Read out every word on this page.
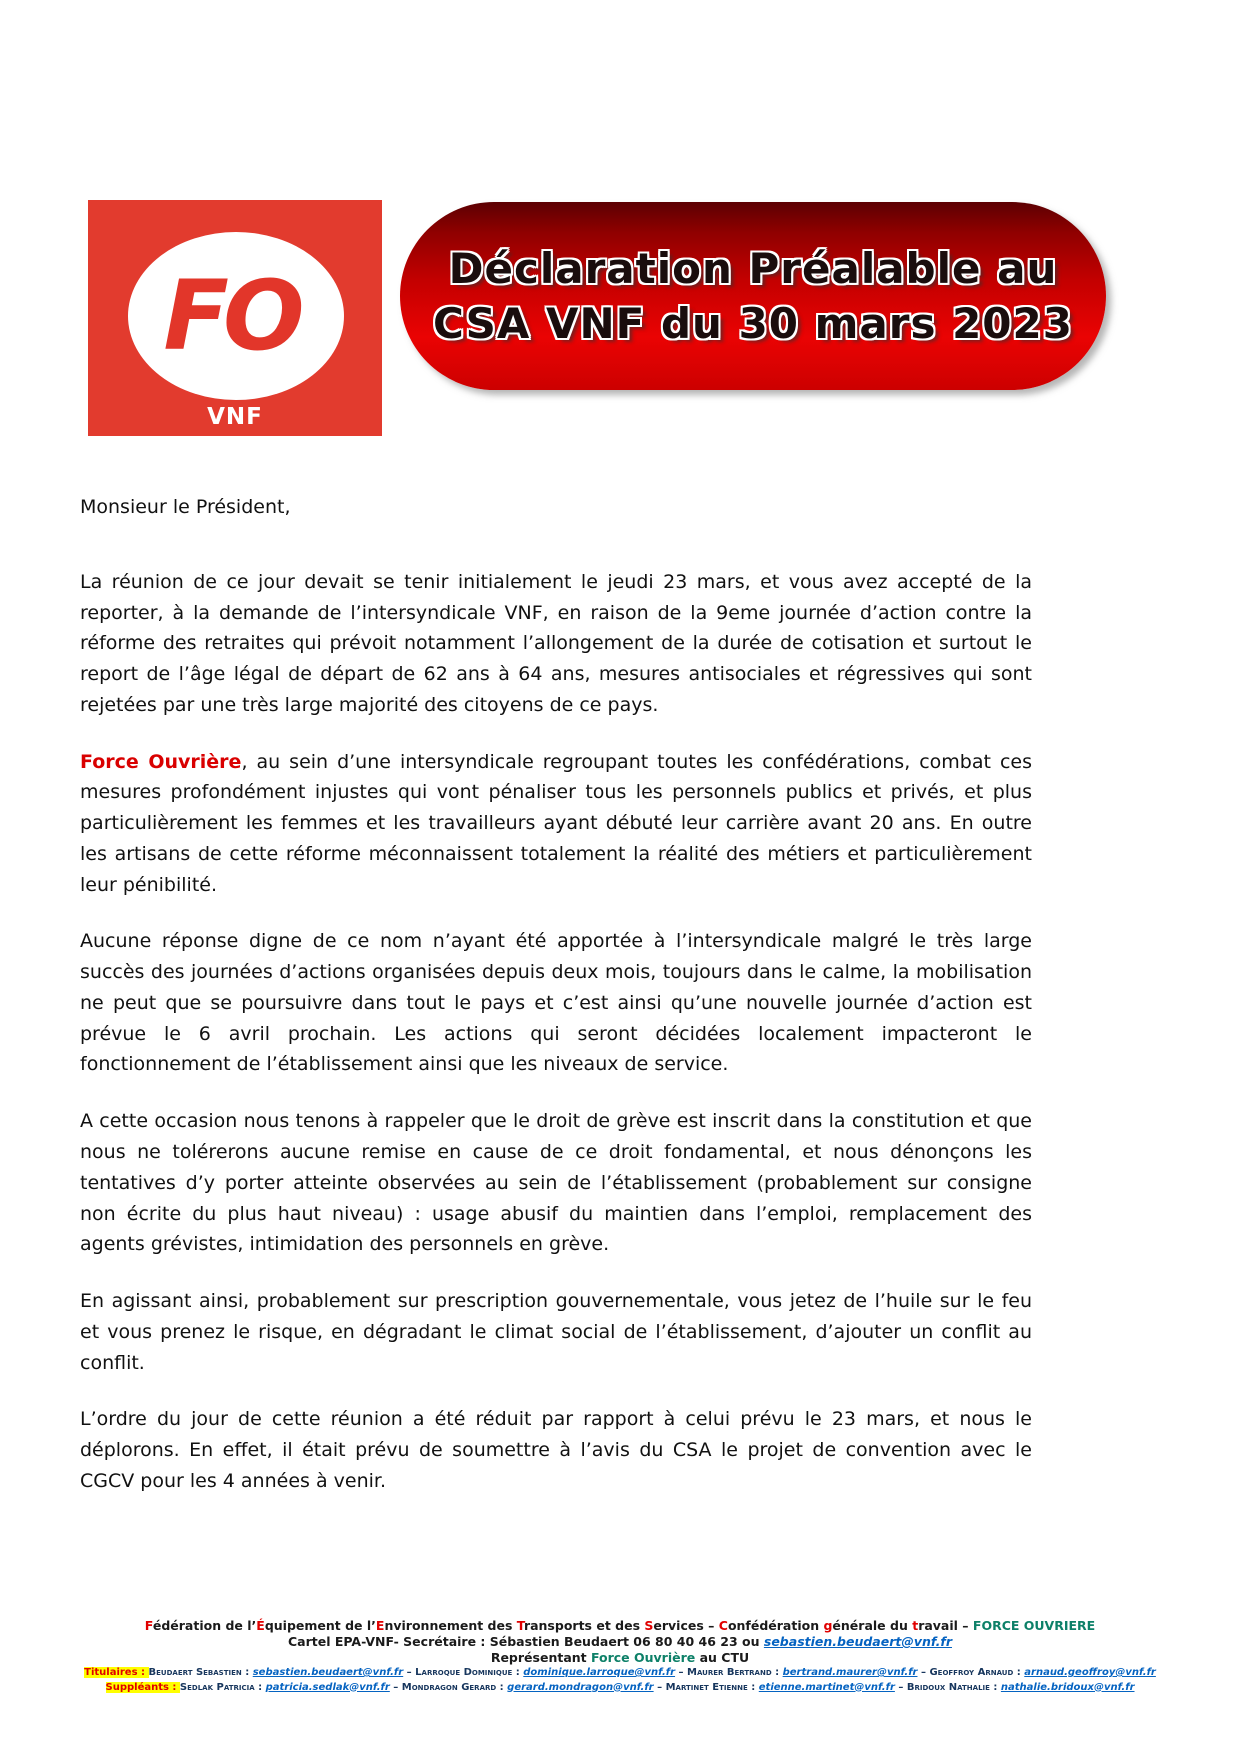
FO
VNF
Déclaration Préalable au
CSA VNF du 30 mars 2023
Monsieur le Président,

La réunion de ce jour devait se tenir initialement le jeudi 23 mars, et vous avez accepté de la reporter, à la demande de l’intersyndicale VNF, en raison de la 9eme journée d’action contre la réforme des retraites qui prévoit notamment l’allongement de la durée de cotisation et surtout le report de l’âge légal de départ de 62 ans à 64 ans, mesures antisociales et régressives qui sont rejetées par une très large majorité des citoyens de ce pays.

Force Ouvrière, au sein d’une intersyndicale regroupant toutes les confédérations, combat ces mesures profondément injustes qui vont pénaliser tous les personnels publics et privés, et plus particulièrement les femmes et les travailleurs ayant débuté leur carrière avant 20 ans. En outre les artisans de cette réforme méconnaissent totalement la réalité des métiers et particulièrement leur pénibilité.

Aucune réponse digne de ce nom n’ayant été apportée à l’intersyndicale malgré le très large succès des journées d’actions organisées depuis deux mois, toujours dans le calme, la mobilisation ne peut que se poursuivre dans tout le pays et c’est ainsi qu’une nouvelle journée d’action est prévue le 6 avril prochain. Les actions qui seront décidées localement impacteront le fonctionnement de l’établissement ainsi que les niveaux de service.

A cette occasion nous tenons à rappeler que le droit de grève est inscrit dans la constitution et que nous ne tolérerons aucune remise en cause de ce droit fondamental, et nous dénonçons les tentatives d’y porter atteinte observées au sein de l’établissement (probablement sur consigne non écrite du plus haut niveau) : usage abusif du maintien dans l’emploi, remplacement des agents grévistes, intimidation des personnels en grève.

En agissant ainsi, probablement sur prescription gouvernementale, vous jetez de l’huile sur le feu et vous prenez le risque, en dégradant le climat social de l’établissement, d’ajouter un conflit au conflit.

L’ordre du jour de cette réunion a été réduit par rapport à celui prévu le 23 mars, et nous le déplorons. En effet, il était prévu de soumettre à l’avis du CSA le projet de convention avec le CGCV pour les 4 années à venir.

Fédération de l’Équipement de l’Environnement des Transports et des Services – Confédération générale du travail – FORCE OUVRIERE
Cartel EPA-VNF- Secrétaire : Sébastien Beudaert 06 80 40 46 23 ou sebastien.beudaert@vnf.fr
Représentant Force Ouvrière au CTU
Titulaires : Beudaert Sebastien : sebastien.beudaert@vnf.fr – Larroque Dominique : dominique.larroque@vnf.fr – Maurer Bertrand : bertrand.maurer@vnf.fr – Geoffroy Arnaud : arnaud.geoffroy@vnf.fr
Suppléants : Sedlak Patricia : patricia.sedlak@vnf.fr – Mondragon Gerard : gerard.mondragon@vnf.fr – Martinet Etienne : etienne.martinet@vnf.fr – Bridoux Nathalie : nathalie.bridoux@vnf.fr
